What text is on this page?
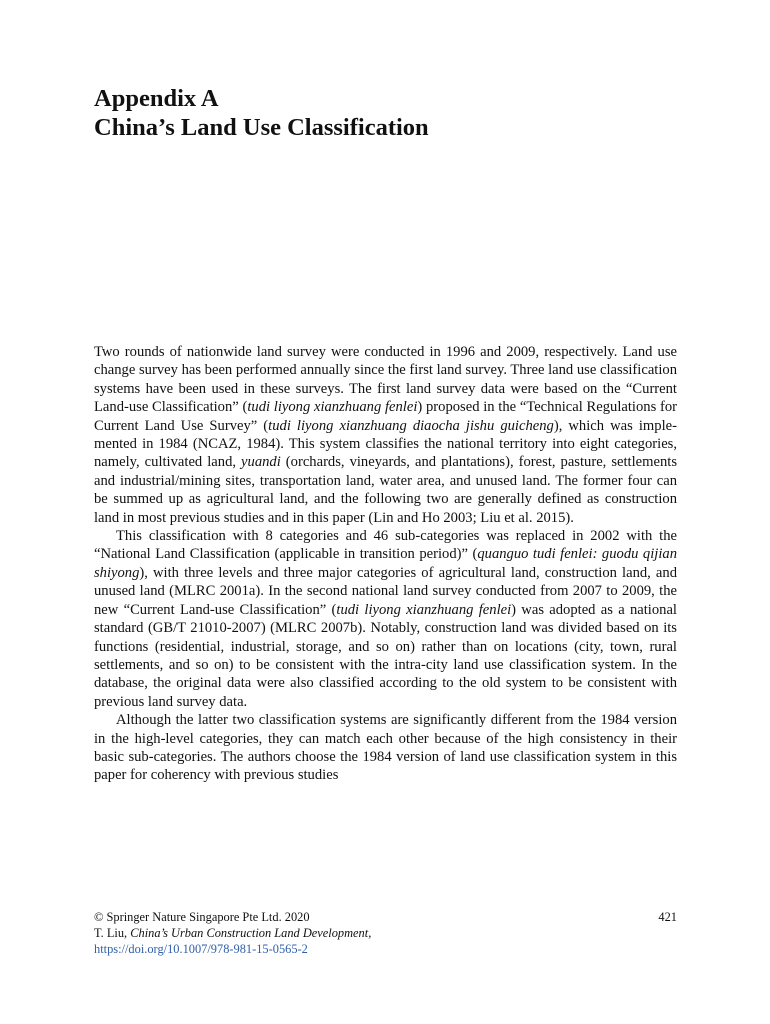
Appendix A
China’s Land Use Classification

Two rounds of nationwide land survey were conducted in 1996 and 2009, respectively. Land use change survey has been performed annually since the first land survey. Three land use classification systems have been used in these surveys. The first land survey data were based on the “Current Land-use Classification” (tudi liyong xianzhuang fenlei) proposed in the “Technical Regulations for Current Land Use Survey” (tudi liyong xianzhuang diaocha jishu guicheng), which was implemented in 1984 (NCAZ, 1984). This system classifies the national territory into eight categories, namely, cultivated land, yuandi (orchards, vineyards, and plantations), forest, pasture, settlements and industrial/mining sites, transportation land, water area, and unused land. The former four can be summed up as agricultural land, and the following two are generally defined as construction land in most previous studies and in this paper (Lin and Ho 2003; Liu et al. 2015).

This classification with 8 categories and 46 sub-categories was replaced in 2002 with the “National Land Classification (applicable in transition period)” (quanguo tudi fenlei: guodu qijian shiyong), with three levels and three major categories of agricultural land, construction land, and unused land (MLRC 2001a). In the second national land survey conducted from 2007 to 2009, the new “Current Land-use Classification” (tudi liyong xianzhuang fenlei) was adopted as a national standard (GB/T 21010-2007) (MLRC 2007b). Notably, construction land was divided based on its functions (residential, industrial, storage, and so on) rather than on locations (city, town, rural settlements, and so on) to be consistent with the intra-city land use classification system. In the database, the original data were also classified according to the old system to be consistent with previous land survey data.

Although the latter two classification systems are significantly different from the 1984 version in the high-level categories, they can match each other because of the high consistency in their basic sub-categories. The authors choose the 1984 version of land use classification system in this paper for coherency with previous studies

© Springer Nature Singapore Pte Ltd. 2020	421
T. Liu, China’s Urban Construction Land Development,
https://doi.org/10.1007/978-981-15-0565-2
